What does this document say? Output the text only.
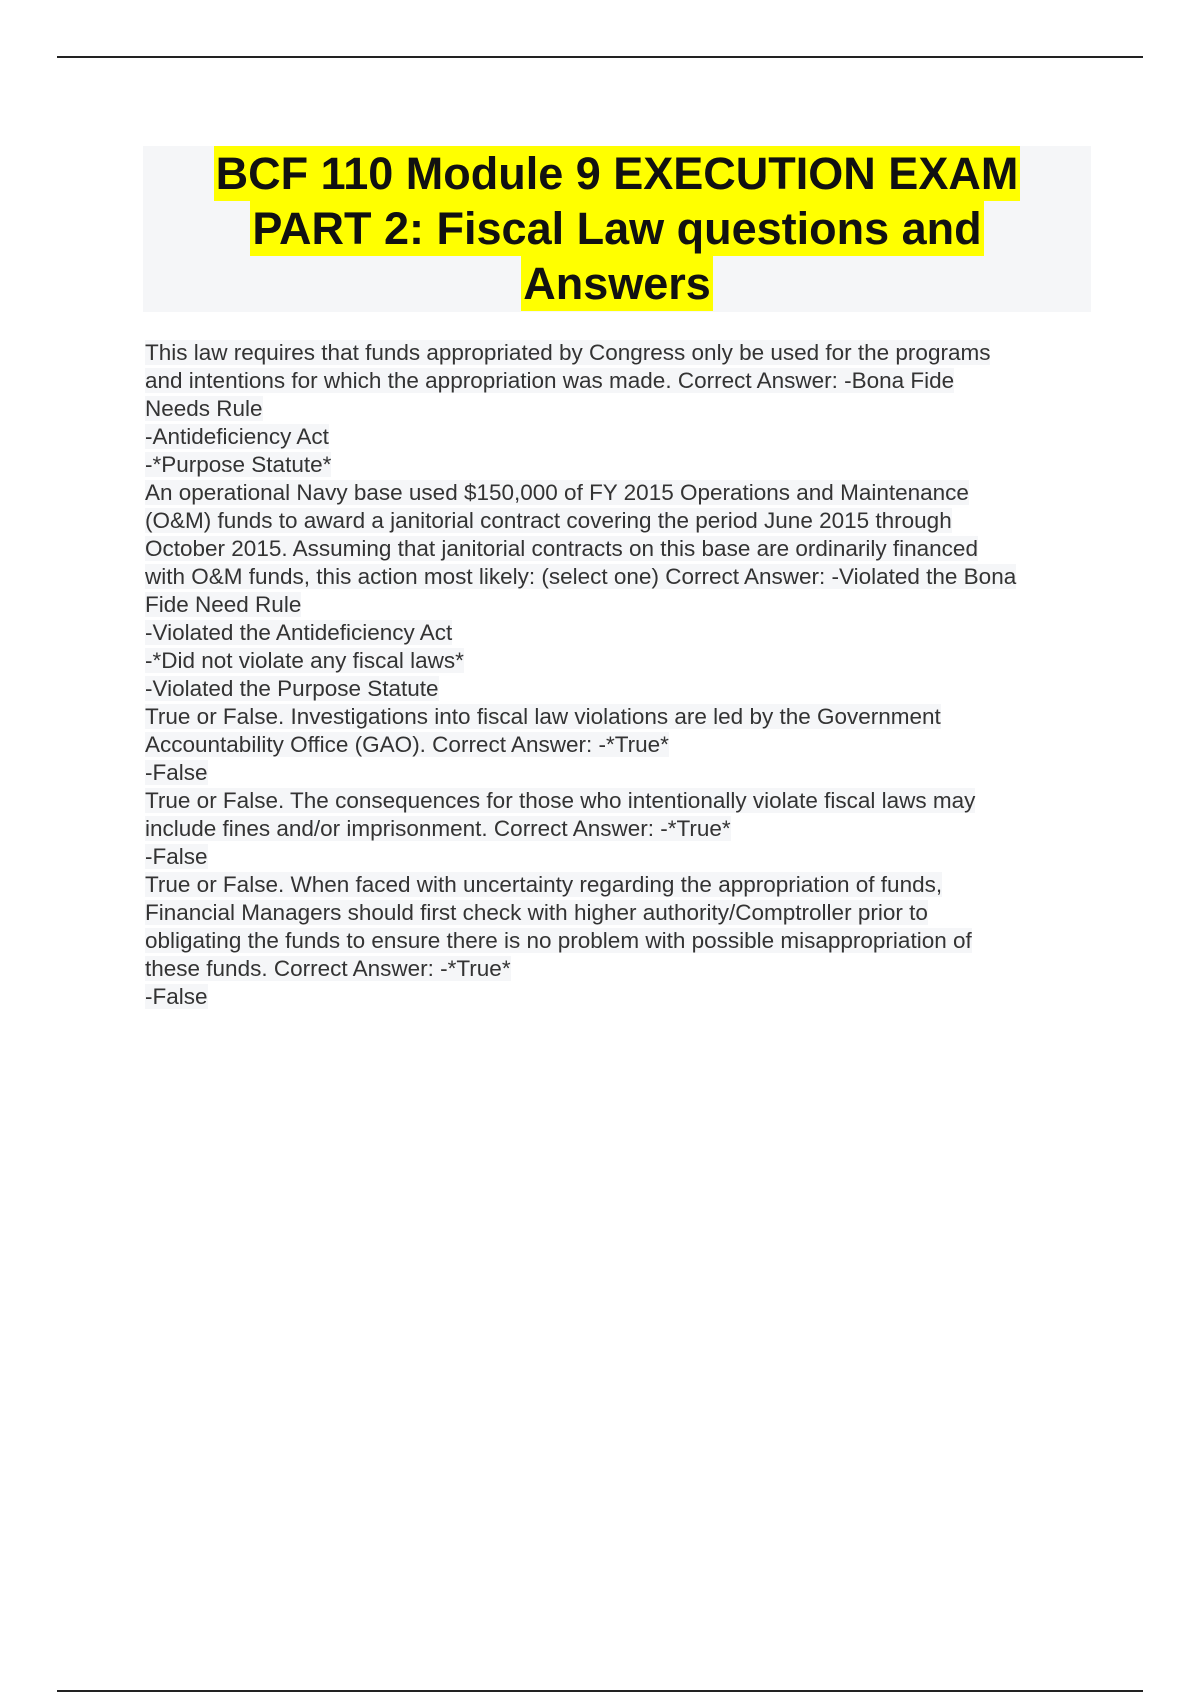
BCF 110 Module 9 EXECUTION EXAM
PART 2: Fiscal Law questions and
Answers
This law requires that funds appropriated by Congress only be used for the programs
and intentions for which the appropriation was made. Correct Answer: -Bona Fide
Needs Rule
-Antideficiency Act
-*Purpose Statute*
An operational Navy base used $150,000 of FY 2015 Operations and Maintenance
(O&M) funds to award a janitorial contract covering the period June 2015 through
October 2015. Assuming that janitorial contracts on this base are ordinarily financed
with O&M funds, this action most likely: (select one) Correct Answer: -Violated the Bona
Fide Need Rule
-Violated the Antideficiency Act
-*Did not violate any fiscal laws*
-Violated the Purpose Statute
True or False. Investigations into fiscal law violations are led by the Government
Accountability Office (GAO). Correct Answer: -*True*
-False
True or False. The consequences for those who intentionally violate fiscal laws may
include fines and/or imprisonment. Correct Answer: -*True*
-False
True or False. When faced with uncertainty regarding the appropriation of funds,
Financial Managers should first check with higher authority/Comptroller prior to
obligating the funds to ensure there is no problem with possible misappropriation of
these funds. Correct Answer: -*True*
-False
